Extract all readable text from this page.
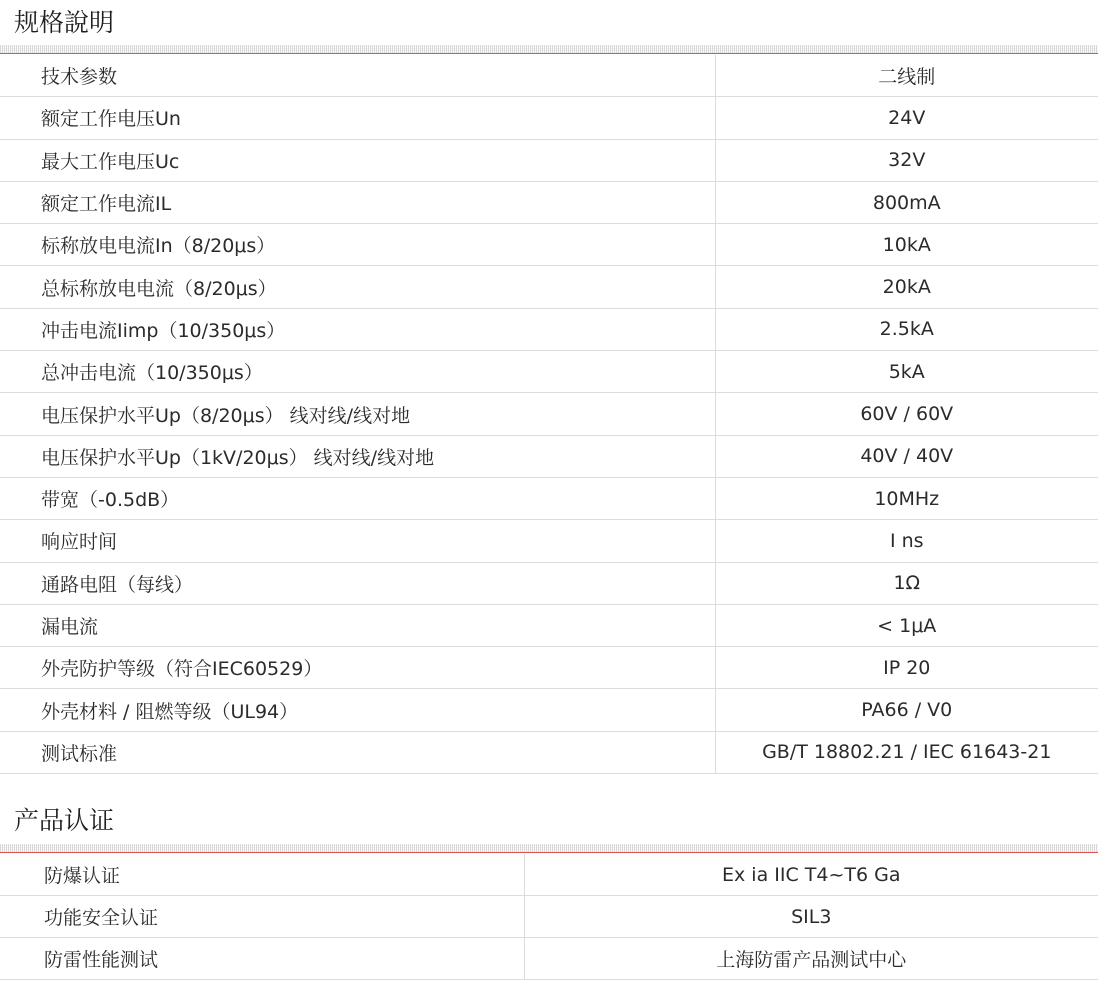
规格說明
技术参数	二线制
额定工作电压Un	24V
最大工作电压Uc	32V
额定工作电流IL	800mA
标称放电电流In（8/20μs）	10kA
总标称放电电流（8/20μs）	20kA
冲击电流Iimp（10/350μs）	2.5kA
总冲击电流（10/350μs）	5kA
电压保护水平Up（8/20μs） 线对线/线对地	60V / 60V
电压保护水平Up（1kV/20μs） 线对线/线对地	40V / 40V
带宽（-0.5dB）	10MHz
响应时间	I ns
通路电阻（每线）	1Ω
漏电流	< 1μA
外壳防护等级（符合IEC60529）	IP 20
外壳材料 / 阻燃等级（UL94）	PA66 / V0
测试标准	GB/T 18802.21 / IEC 61643-21
产品认证
防爆认证	Ex ia IIC T4~T6 Ga
功能安全认证	SIL3
防雷性能测试	上海防雷产品测试中心
